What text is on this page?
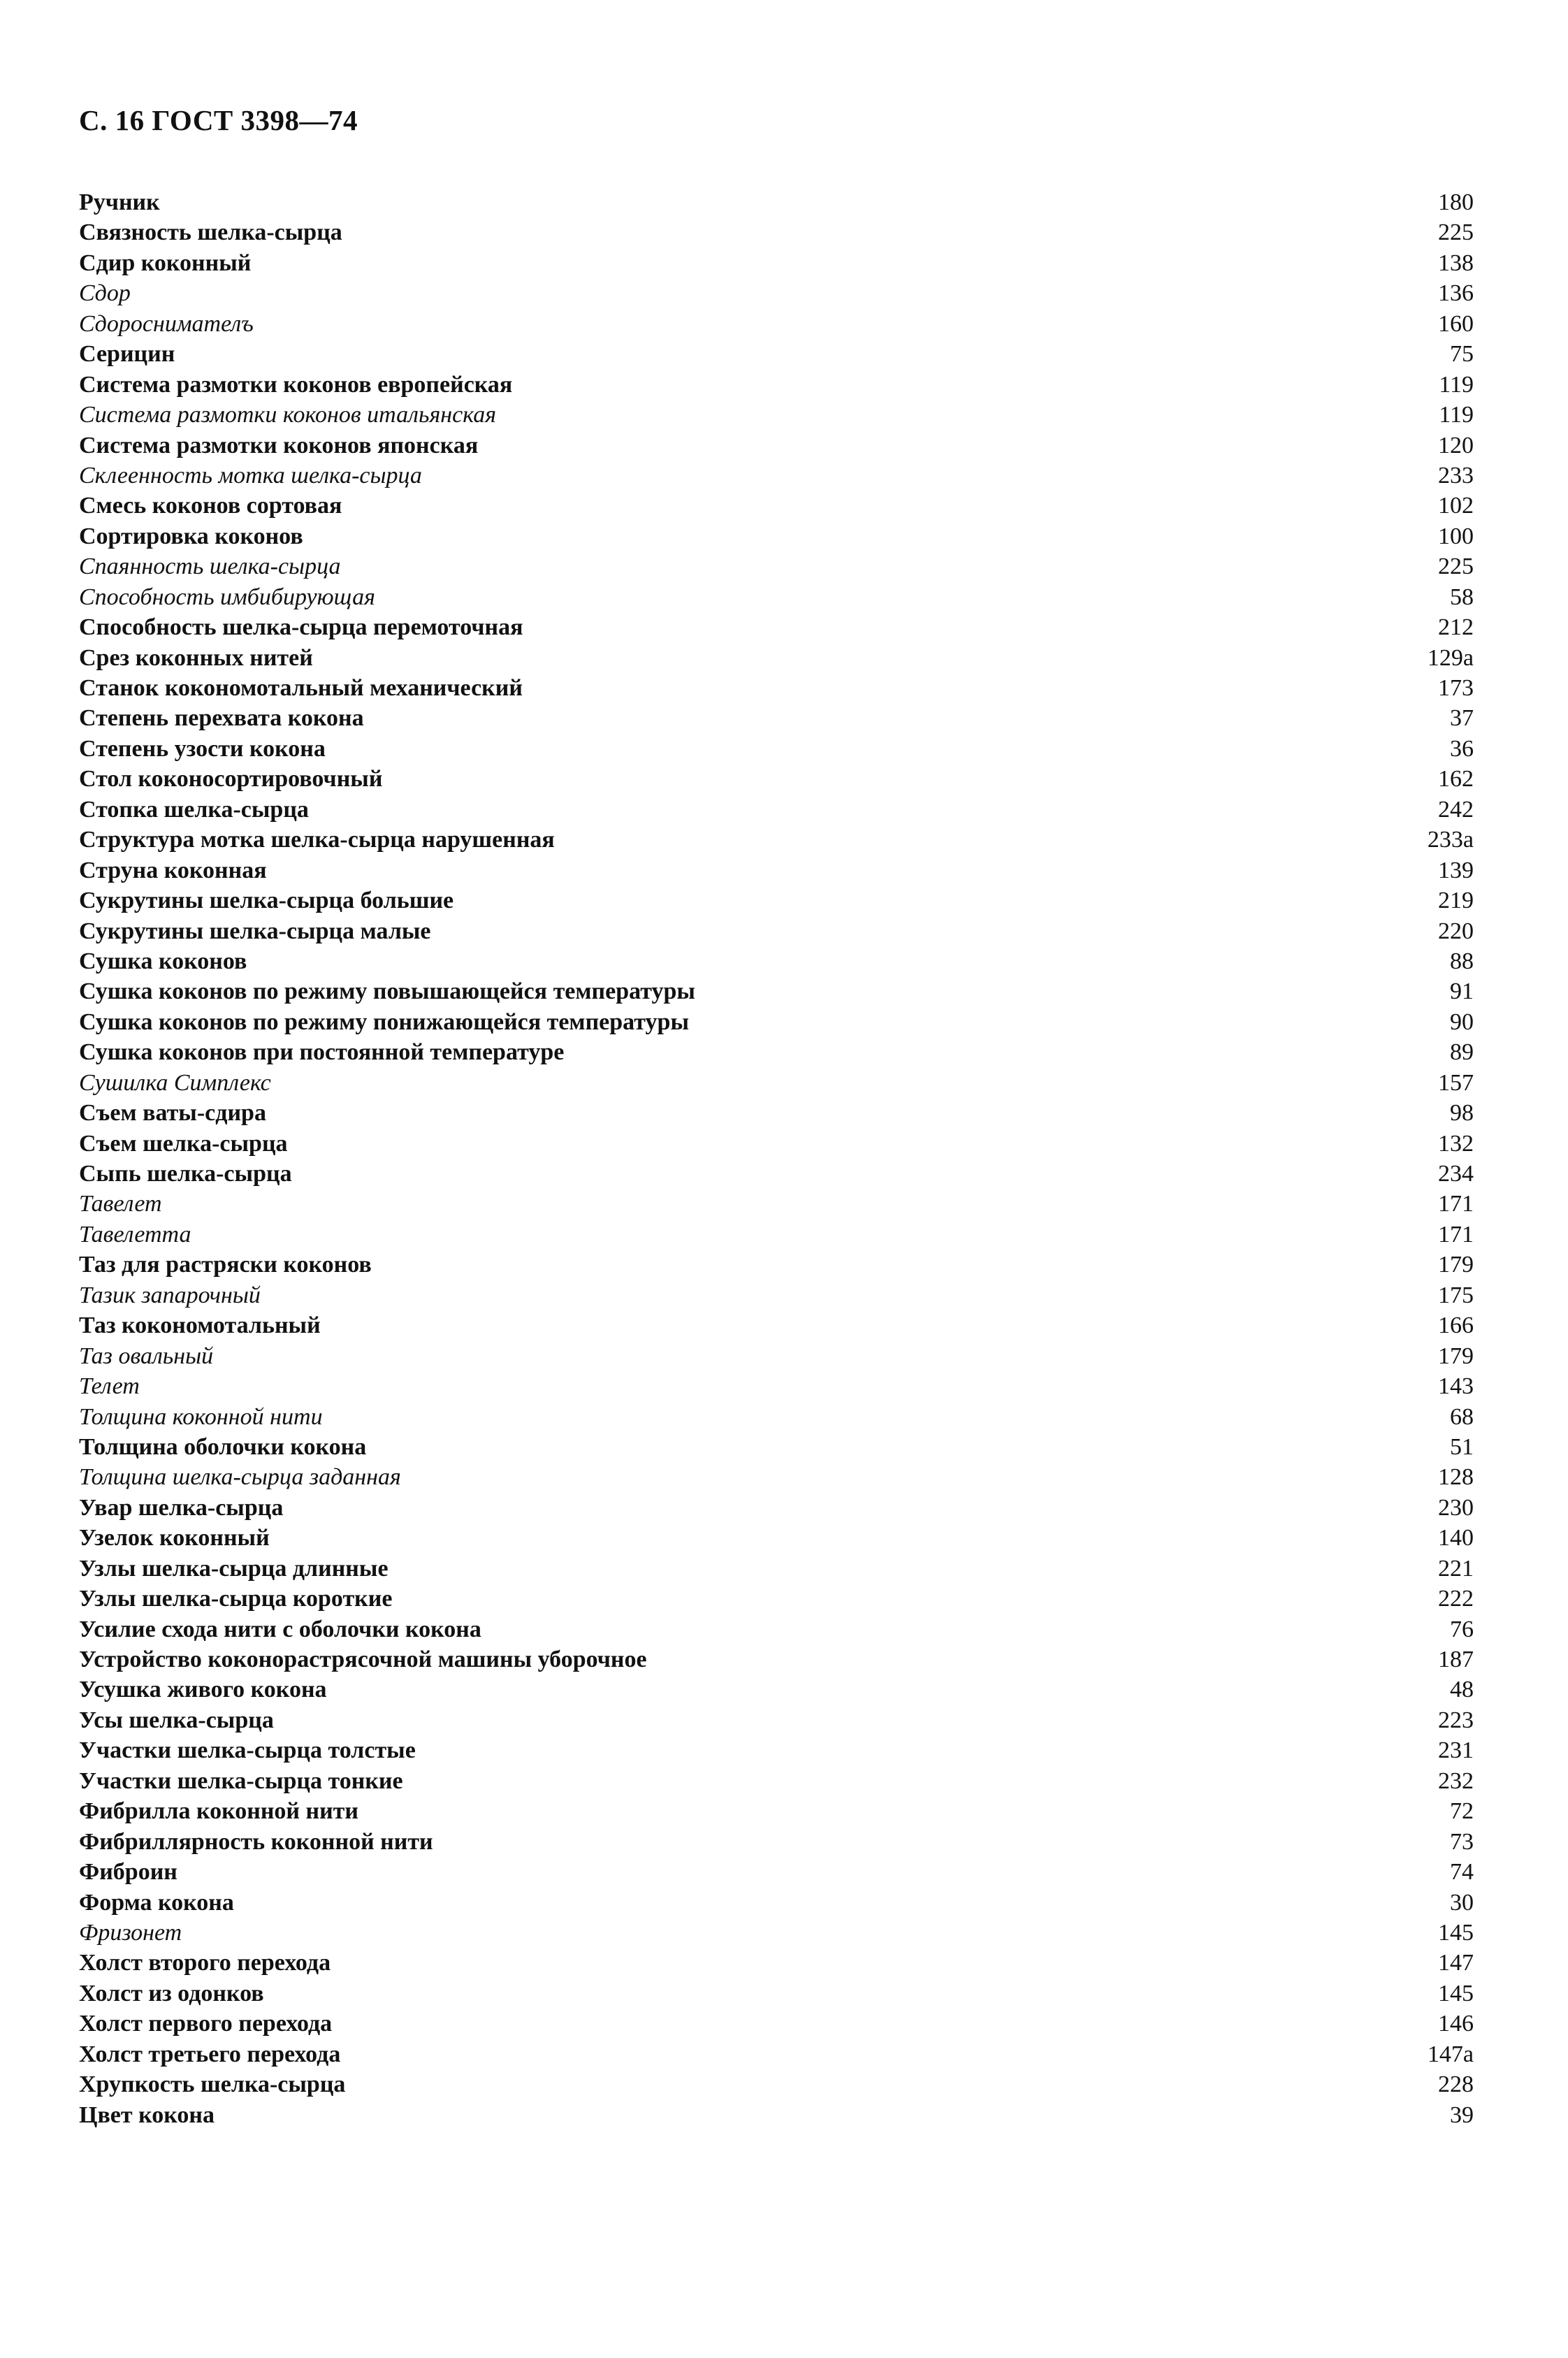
С. 16 ГОСТ 3398—74
Ручник	180
Связность шелка-сырца	225
Сдир коконный	138
Сдор	136
Сдороснимателъ	160
Серицин	75
Система размотки коконов европейская	119
Система размотки коконов итальянская	119
Система размотки коконов японская	120
Склеенность мотка шелка-сырца	233
Смесь коконов сортовая	102
Сортировка коконов	100
Спаянность шелка-сырца	225
Способность имбибирующая	58
Способность шелка-сырца перемоточная	212
Срез коконных нитей	129а
Станок кокономотальный механический	173
Степень перехвата кокона	37
Степень узости кокона	36
Стол коконосортировочный	162
Стопка шелка-сырца	242
Структура мотка шелка-сырца нарушенная	233а
Струна коконная	139
Сукрутины шелка-сырца большие	219
Сукрутины шелка-сырца малые	220
Сушка коконов	88
Сушка коконов по режиму повышающейся температуры	91
Сушка коконов по режиму понижающейся температуры	90
Сушка коконов при постоянной температуре	89
Сушилка Симплекс	157
Съем ваты-сдира	98
Съем шелка-сырца	132
Сыпь шелка-сырца	234
Тавелет	171
Тавелетта	171
Таз для растряски коконов	179
Тазик запарочный	175
Таз кокономотальный	166
Таз овальный	179
Телет	143
Толщина коконной нити	68
Толщина оболочки кокона	51
Толщина шелка-сырца заданная	128
Увар шелка-сырца	230
Узелок коконный	140
Узлы шелка-сырца длинные	221
Узлы шелка-сырца короткие	222
Усилие схода нити с оболочки кокона	76
Устройство коконорастрясочной машины уборочное	187
Усушка живого кокона	48
Усы шелка-сырца	223
Участки шелка-сырца толстые	231
Участки шелка-сырца тонкие	232
Фибрилла коконной нити	72
Фибриллярность коконной нити	73
Фиброин	74
Форма кокона	30
Фризонет	145
Холст второго перехода	147
Холст из одонков	145
Холст первого перехода	146
Холст третьего перехода	147а
Хрупкость шелка-сырца	228
Цвет кокона	39
